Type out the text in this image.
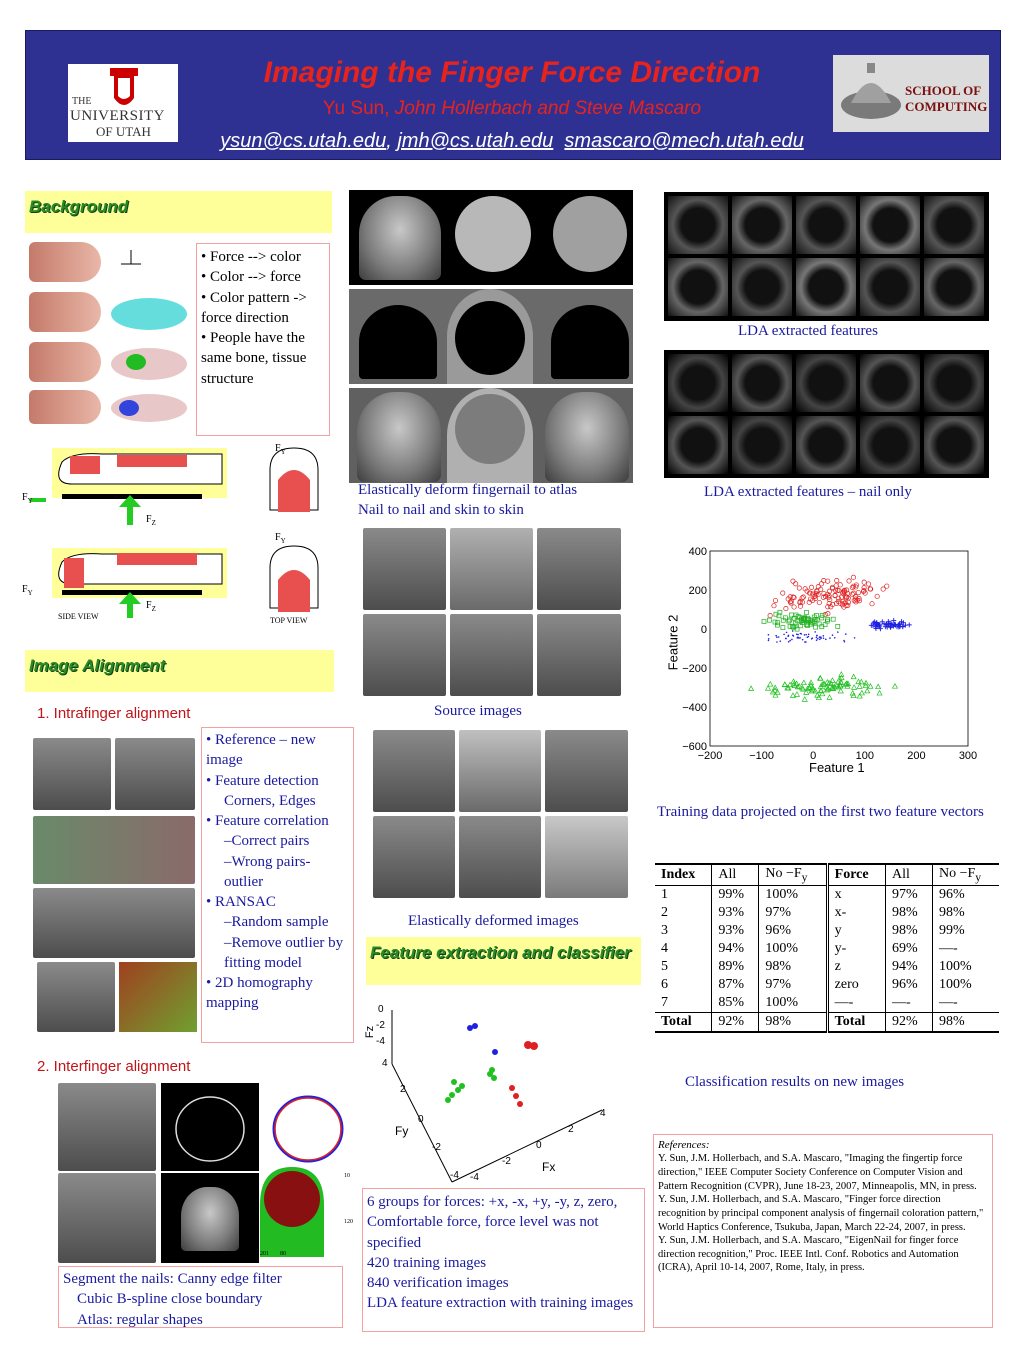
THE
UNIVERSITY
OF UTAH
SCHOOL OF
COMPUTING
Imaging the Finger Force Direction
Yu Sun, John Hollerbach and Steve Mascaro
ysun@cs.utah.edu, jmh@cs.utah.edu smascaro@mech.utah.edu
Background
• Force --> color
• Color --> force
• Color pattern -> force direction
• People have the same bone, tissue structure
$F_Y$
$F_Y$
$F_Y$
$F_Y$
$F_Z$
$F_Z$
SIDE VIEW	TOP VIEW
Image Alignment
1. Intrafinger alignment
• Reference – new image
• Feature detection
Corners, Edges
• Feature correlation
–Correct pairs
–Wrong pairs-outlier
• RANSAC
–Random sample
–Remove outlier by fitting model
• 2D homography mapping
2. Interfinger alignment
10
120
201 80
Segment the nails: Canny edge filter
Cubic B-spline close boundary
Atlas: regular shapes
Elastically deform fingernail to atlas
Nail to nail and skin to skin
Source images
Elastically deformed images
Feature extraction and classifier
Fz
0
-2
-4
4
2
0
-2
-4
Fy
4
2
0
-2
-4
Fx
6 groups for forces: +x, -x, +y, -y, z, zero, Comfortable force, force level was not specified
420 training images
840 verification images
LDA feature extraction with training images
LDA extracted features
LDA extracted features – nail only
−200 −100	0	100	200	300
400
200
0
−200
−400
−600
Feature 2
Feature 1
Training data projected on the first two feature vectors
Index	All	$No -F_y$	Force	All	$No -F_y$
1	99%	100%	x	97%	96%
2	93%	97%	x-	98%	98%
3	93%	96%	y	98%	99%
4	94%	100%	y-	69%	—-
5	89%	98%	z	94%	100%
6	87%	97%	zero	96%	100%
7	85%	100%	—-	—-	—-
Total	92%	98%	Total	92%	98%
Classification results on new images
References:
Y. Sun, J.M. Hollerbach, and S.A. Mascaro, "Imaging the fingertip force direction," IEEE Computer Society Conference on Computer Vision and Pattern Recognition (CVPR), June 18-23, 2007, Minneapolis, MN, in press.
Y. Sun, J.M. Hollerbach, and S.A. Mascaro, "Finger force direction recognition by principal component analysis of fingernail coloration pattern," World Haptics Conference, Tsukuba, Japan, March 22-24, 2007, in press.
Y. Sun, J.M. Hollerbach, and S.A. Mascaro, "EigenNail for finger force direction recognition," Proc. IEEE Intl. Conf. Robotics and Automation (ICRA), April 10-14, 2007, Rome, Italy, in press.
